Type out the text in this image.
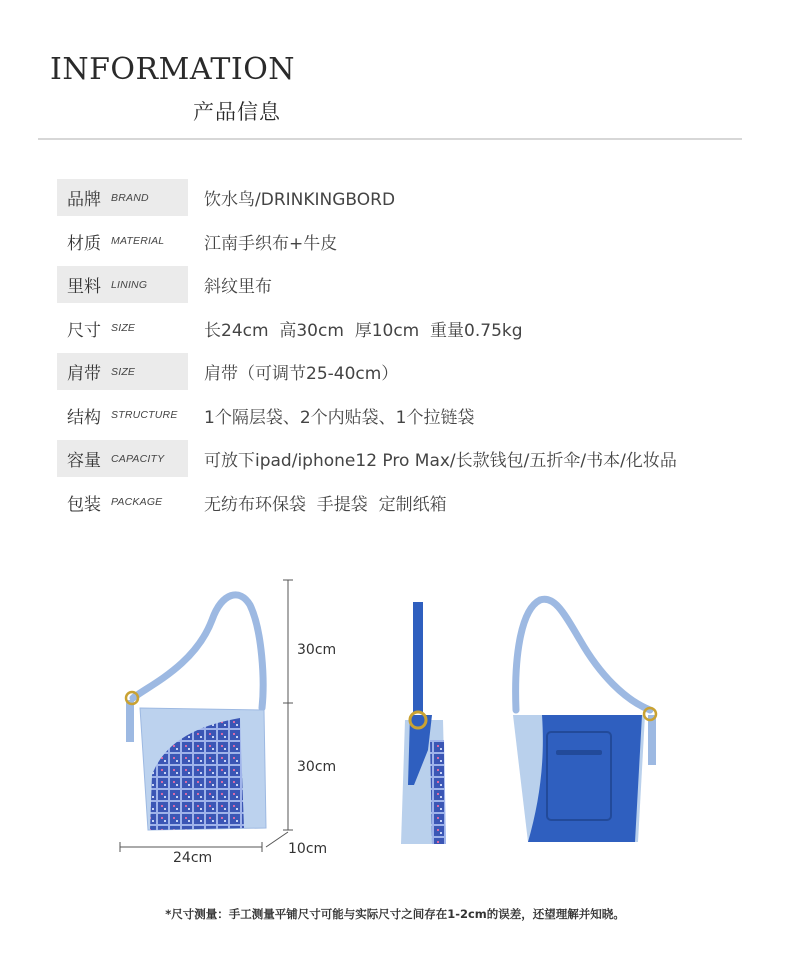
INFORMATION
产品信息
品牌 BRAND	饮水鸟/DRINKINGBORD
材质 MATERIAL 江南手织布+牛皮
里料 LINING	斜纹里布
尺寸 SIZE	长24cm  高30cm  厚10cm  重量0.75kg
肩带 SIZE	肩带（可调节25-40cm）
结构 STRUCTURE 1个隔层袋、2个内贴袋、1个拉链袋
容量 CAPACITY 可放下ipad/iphone12 Pro Max/长款钱包/五折伞/书本/化妆品
包装 PACKAGE 无纺布环保袋  手提袋  定制纸箱
30cm
30cm
24cm
10cm
*尺寸测量：手工测量平铺尺寸可能与实际尺寸之间存在1-2cm的误差，还望理解并知晓。
